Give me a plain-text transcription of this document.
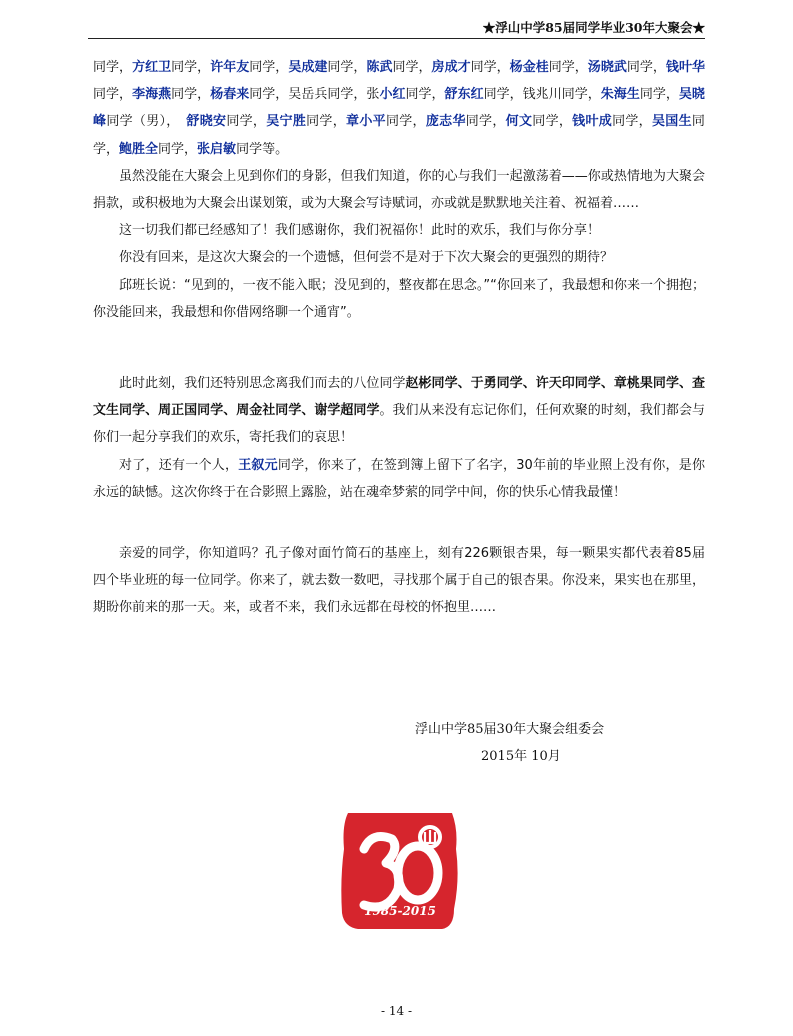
★浮山中学85届同学毕业30年大聚会★

同学，方红卫同学，许年友同学，吴成建同学，陈武同学，房成才同学，杨金桂同学，汤晓武同学，钱叶华同学，李海燕同学，杨春来同学，吴岳兵同学，张小红同学，舒东红同学，钱兆川同学，朱海生同学，吴晓峰同学（男），　舒晓安同学，吴宁胜同学，章小平同学，庞志华同学，何文同学，钱叶成同学，吴国生同学，鲍胜全同学，张启敏同学等。

虽然没能在大聚会上见到你们的身影，但我们知道，你的心与我们一起激荡着——你或热情地为大聚会捐款，或积极地为大聚会出谋划策，或为大聚会写诗赋词，亦或就是默默地关注着、祝福着……

这一切我们都已经感知了！我们感谢你，我们祝福你！此时的欢乐，我们与你分享！

你没有回来，是这次大聚会的一个遗憾，但何尝不是对于下次大聚会的更强烈的期待？

邱班长说：“见到的，一夜不能入眠；没见到的，整夜都在思念。”“你回来了，我最想和你来一个拥抱；你没能回来，我最想和你借网络聊一个通宵”。

此时此刻，我们还特别思念离我们而去的八位同学赵彬同学、于勇同学、许天印同学、章桃果同学、查文生同学、周正国同学、周金社同学、谢学超同学。我们从来没有忘记你们，任何欢聚的时刻，我们都会与你们一起分享我们的欢乐，寄托我们的哀思！

对了，还有一个人，王叙元同学，你来了，在签到簿上留下了名字，30年前的毕业照上没有你，是你永远的缺憾。这次你终于在合影照上露脸，站在魂牵梦萦的同学中间，你的快乐心情我最懂！

亲爱的同学，你知道吗？孔子像对面竹简石的基座上，刻有226颗银杏果，每一颗果实都代表着85届四个毕业班的每一位同学。你来了，就去数一数吧，寻找那个属于自己的银杏果。你没来，果实也在那里，期盼你前来的那一天。来，或者不来，我们永远都在母校的怀抱里……

浮山中学85届30年大聚会组委会
2015年 10月
1985-2015
- 14 -
